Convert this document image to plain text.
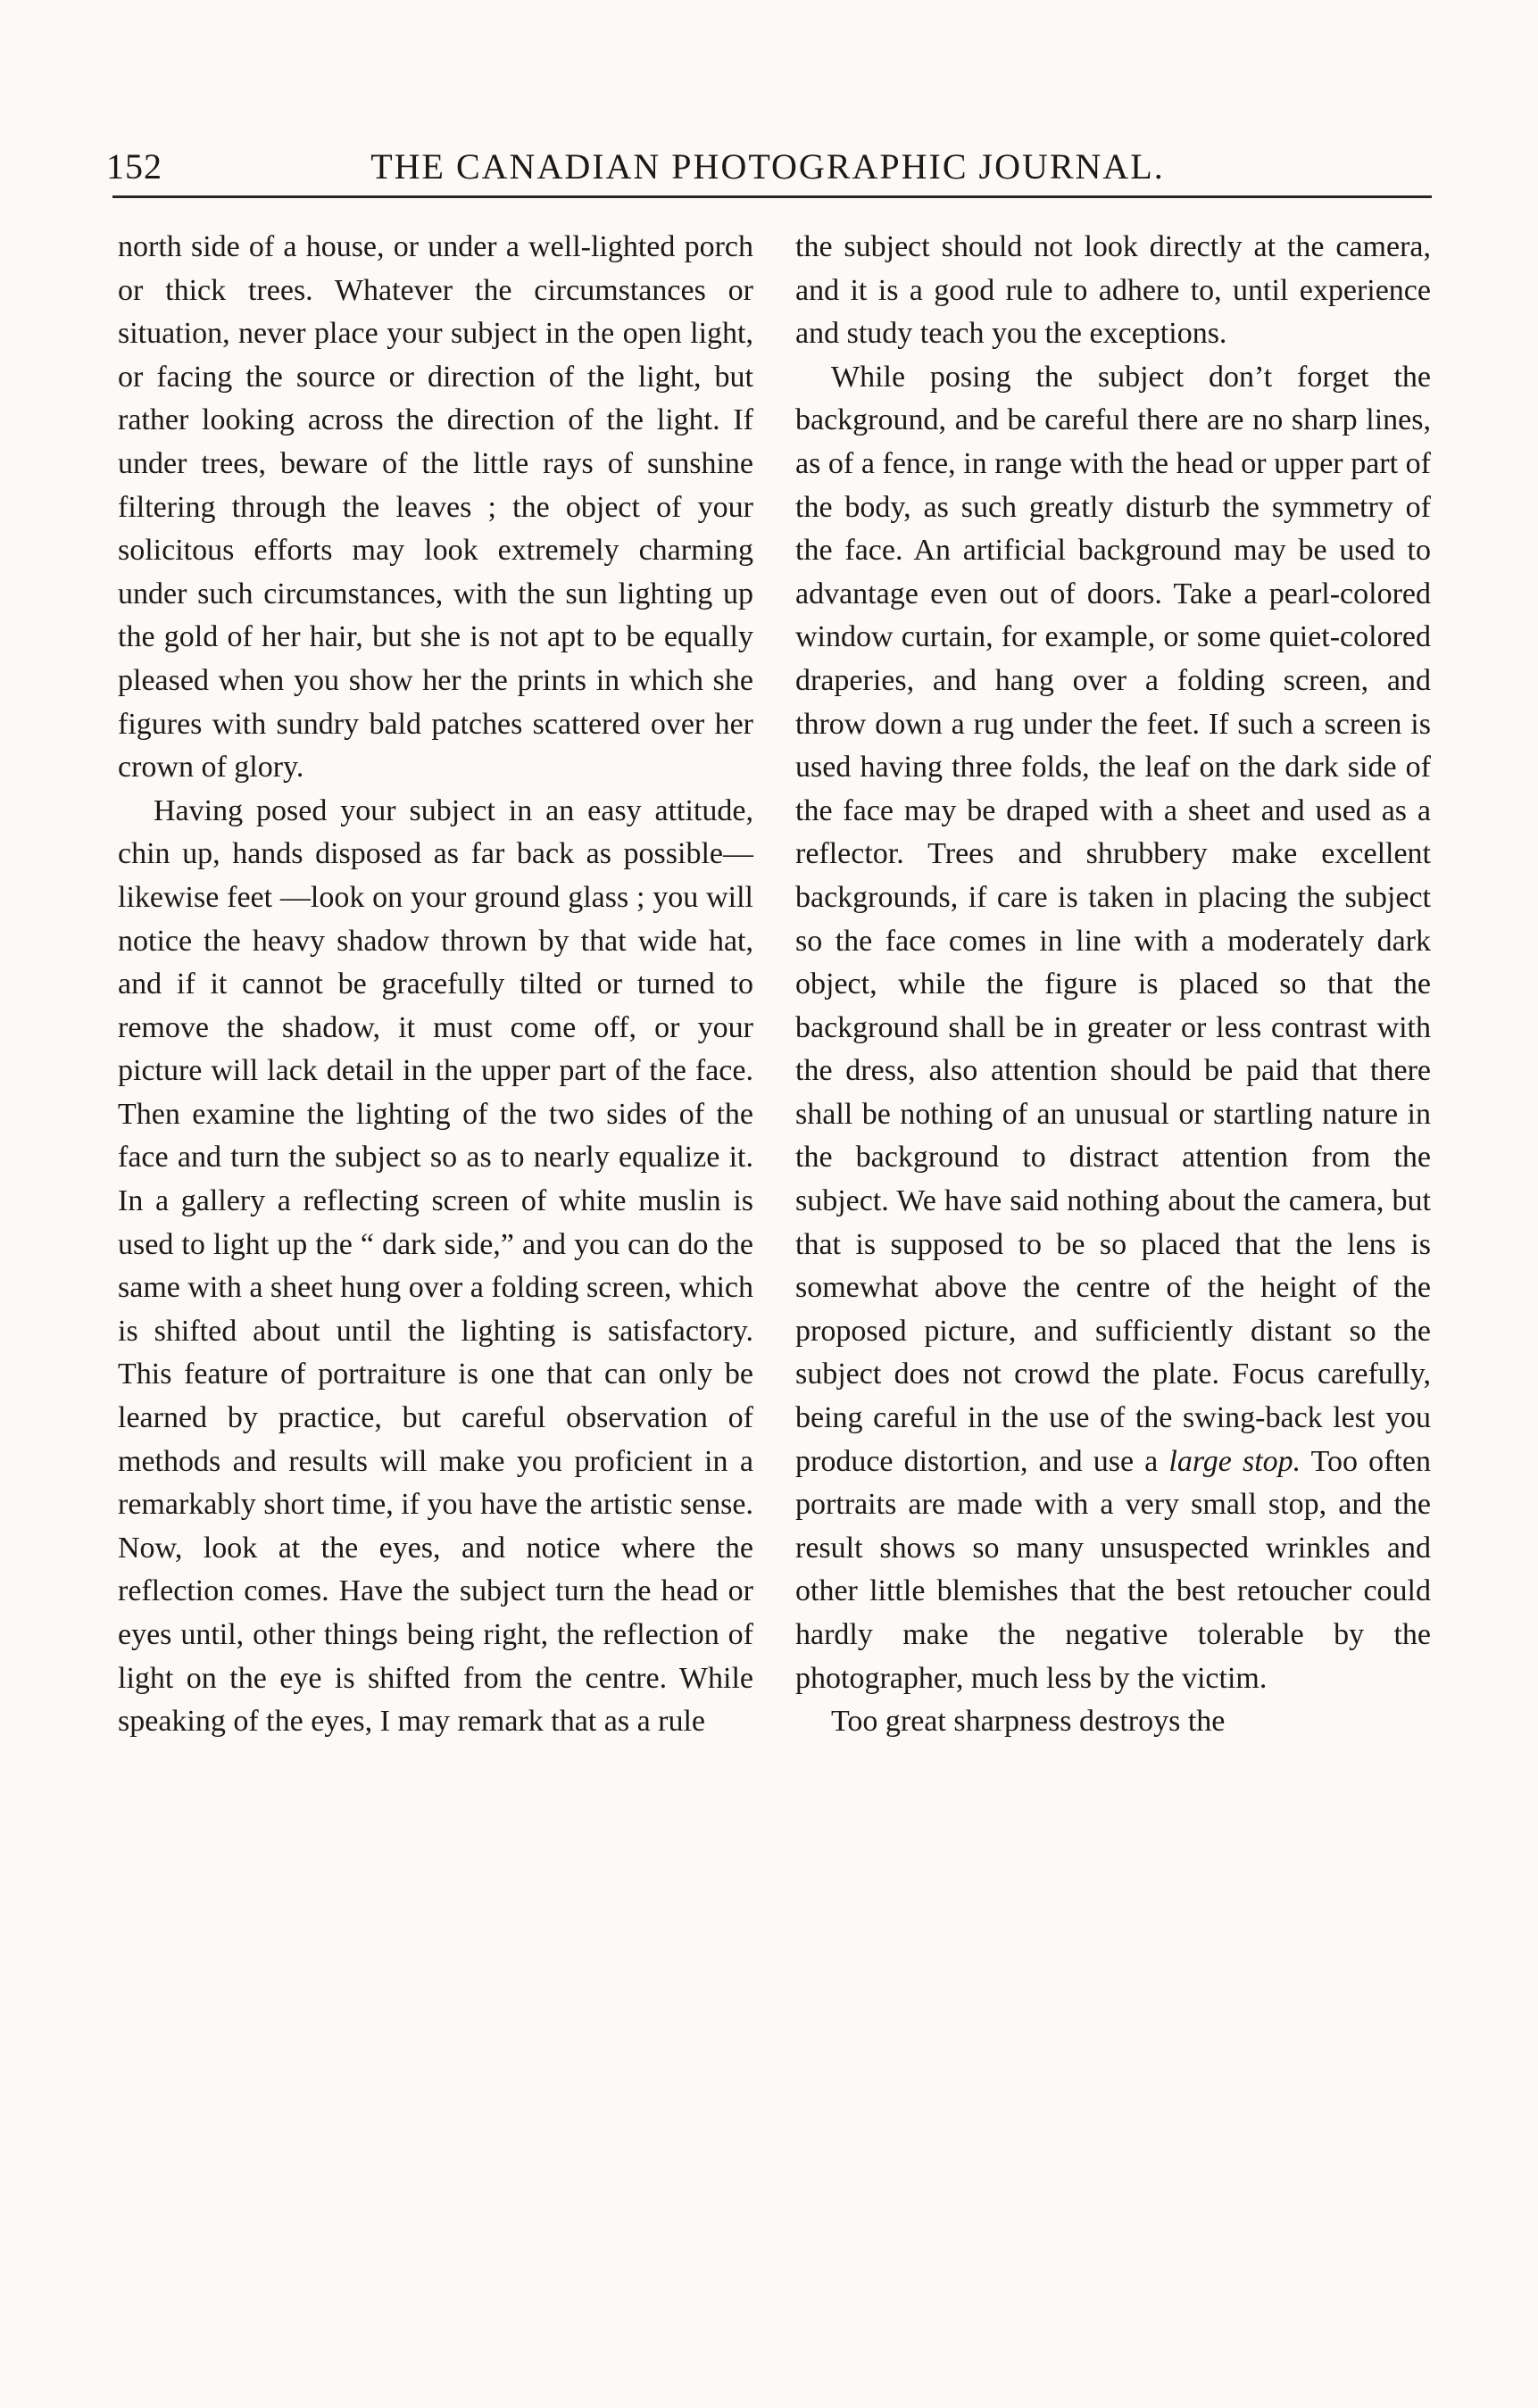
152	THE CANADIAN PHOTOGRAPHIC JOURNAL.

north side of a house, or under a well-lighted porch or thick trees. Whatever the circumstances or situation, never place your subject in the open light, or facing the source or direction of the light, but rather looking across the direction of the light. If under trees, beware of the little rays of sunshine filtering through the leaves ; the object of your solicitous efforts may look extremely charming under such circumstances, with the sun lighting up the gold of her hair, but she is not apt to be equally pleased when you show her the prints in which she figures with sundry bald patches scattered over her crown of glory.

Having posed your subject in an easy attitude, chin up, hands disposed as far back as possible—likewise feet —look on your ground glass ; you will notice the heavy shadow thrown by that wide hat, and if it cannot be gracefully tilted or turned to remove the shadow, it must come off, or your picture will lack detail in the upper part of the face. Then examine the lighting of the two sides of the face and turn the subject so as to nearly equalize it. In a gallery a reflecting screen of white muslin is used to light up the “ dark side,” and you can do the same with a sheet hung over a folding screen, which is shifted about until the lighting is satisfactory. This feature of portraiture is one that can only be learned by practice, but careful observation of methods and results will make you proficient in a remarkably short time, if you have the artistic sense. Now, look at the eyes, and notice where the reflection comes. Have the subject turn the head or eyes until, other things being right, the reflection of light on the eye is shifted from the centre. While speaking of the eyes, I may remark that as a rule

the subject should not look directly at the camera, and it is a good rule to adhere to, until experience and study teach you the exceptions.

While posing the subject don’t forget the background, and be careful there are no sharp lines, as of a fence, in range with the head or upper part of the body, as such greatly disturb the symmetry of the face. An artificial background may be used to advantage even out of doors. Take a pearl-colored window curtain, for example, or some quiet-colored draperies, and hang over a folding screen, and throw down a rug under the feet. If such a screen is used having three folds, the leaf on the dark side of the face may be draped with a sheet and used as a reflector. Trees and shrubbery make excellent backgrounds, if care is taken in placing the subject so the face comes in line with a moderately dark object, while the figure is placed so that the background shall be in greater or less contrast with the dress, also attention should be paid that there shall be nothing of an unusual or startling nature in the background to distract attention from the subject. We have said nothing about the camera, but that is supposed to be so placed that the lens is somewhat above the centre of the height of the proposed picture, and sufficiently distant so the subject does not crowd the plate. Focus carefully, being careful in the use of the swing-back lest you produce distortion, and use a large stop. Too often portraits are made with a very small stop, and the result shows so many unsuspected wrinkles and other little blemishes that the best retoucher could hardly make the negative tolerable by the photographer, much less by the victim.

Too great sharpness destroys the
